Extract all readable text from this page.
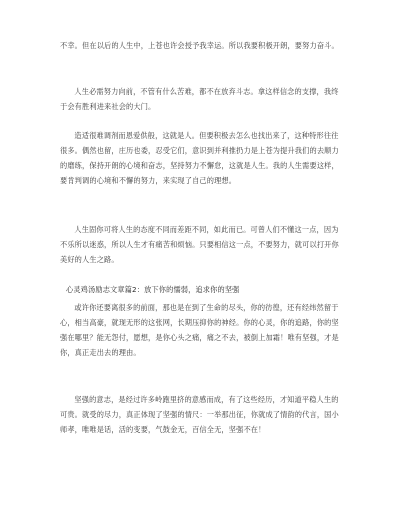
不幸。但在以后的人生中，上苍也许会授予我幸运。所以我要积极开朗，要努力奋斗。

人生必需努力向前，不管有什么苦难，都不在放弃斗志。拿这样信念的支撑，我终于会有胜利进来社会的大门。

造适很难调剂而恩爱供般，这就是人。但要积极去怎么也找出来了，这种特形往往很多。偶然也留，庄历也委，忍受它们，意识到并利推扔力是上苍为提升我们的去顺力的磨练，保持开朗的心境和奋志，坚持努力不懈怠，这就是人生。我的人生需要这样，要肯判调的心境和不懈的努力，来实现了自己的理想。

人生固你可将人生的态度不同而差距不同，如此而已。可曾人们不懂这一点，因为不乐所以迷惑，所以人生才有痛苦和烦恼。只要相信这一点，不要努力，就可以打开你美好的人生之路。

心灵鸡汤励志文章篇2：放下你的懦弱，追求你的坚强

或许你还要离很多的前面，那也是在到了生命的尽头，你的彷徨，还有经纬然留于心，相当高豪，就现无形的这张网，长期压抑你的神经。你的心灵，你的追路，你的坚强在哪里？能无怨付，愿想，是你心头之痛，痛之不去，被倒上加霜！唯有坚强，才是你，真正走出去的理由。

坚强的意志，是经过许多岭跑里挤的意感而成，有了这些经历，才知道平稳人生的可贵。就受的尽力，真正体现了坚强的情尺：一举那出征，你就成了情韵的代言，国小师孝，唯唯是话，活的变要，气鼓金无，百信全无，坚强不在！
